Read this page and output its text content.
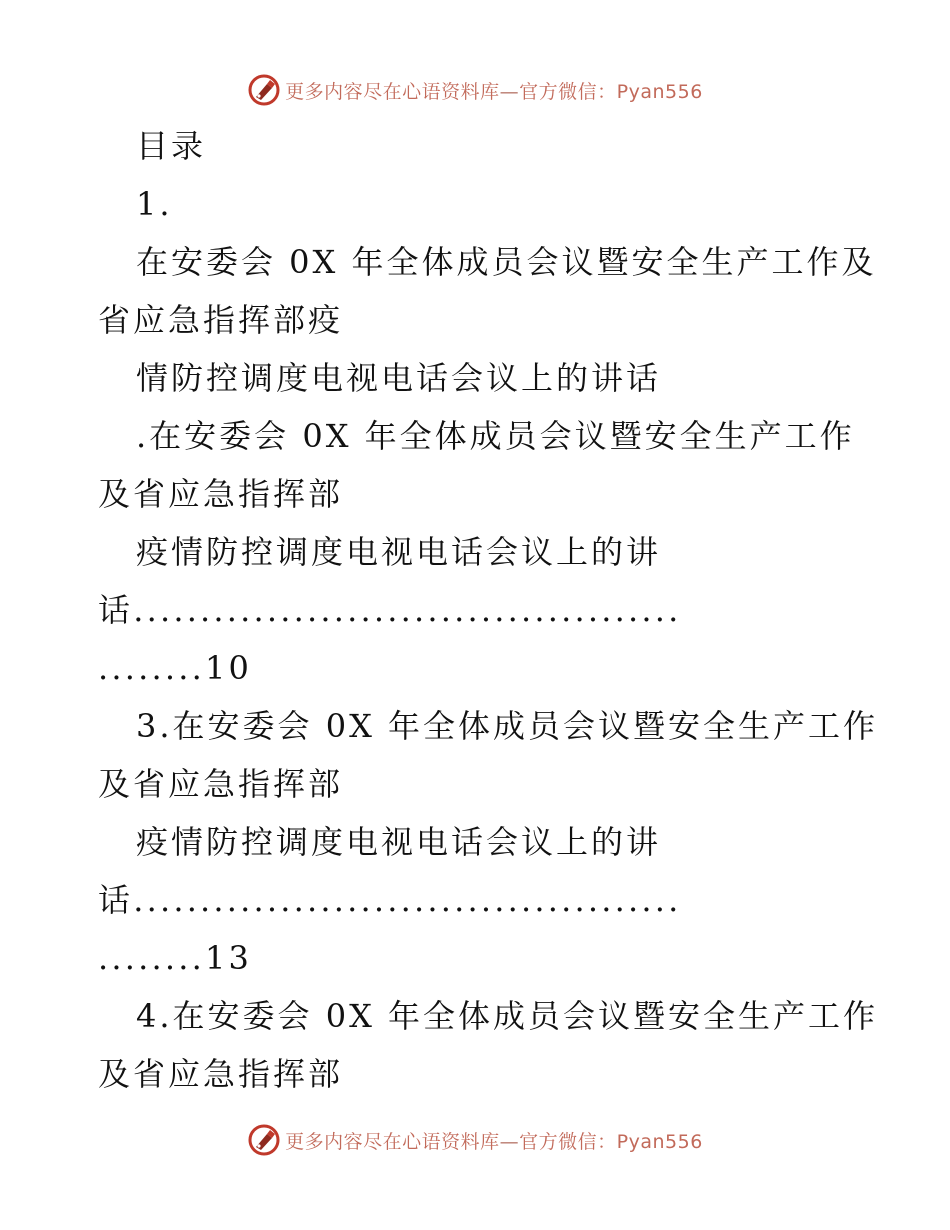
更多内容尽在心语资料库—官方微信：Pyan556
目录
1.
在安委会 0X 年全体成员会议暨安全生产工作及
省应急指挥部疫
情防控调度电视电话会议上的讲话
.在安委会 0X 年全体成员会议暨安全生产工作
及省应急指挥部
疫情防控调度电视电话会议上的讲
话.........................................
........10
3.在安委会 0X 年全体成员会议暨安全生产工作
及省应急指挥部
疫情防控调度电视电话会议上的讲
话.........................................
........13
4.在安委会 0X 年全体成员会议暨安全生产工作
及省应急指挥部
更多内容尽在心语资料库—官方微信：Pyan556
